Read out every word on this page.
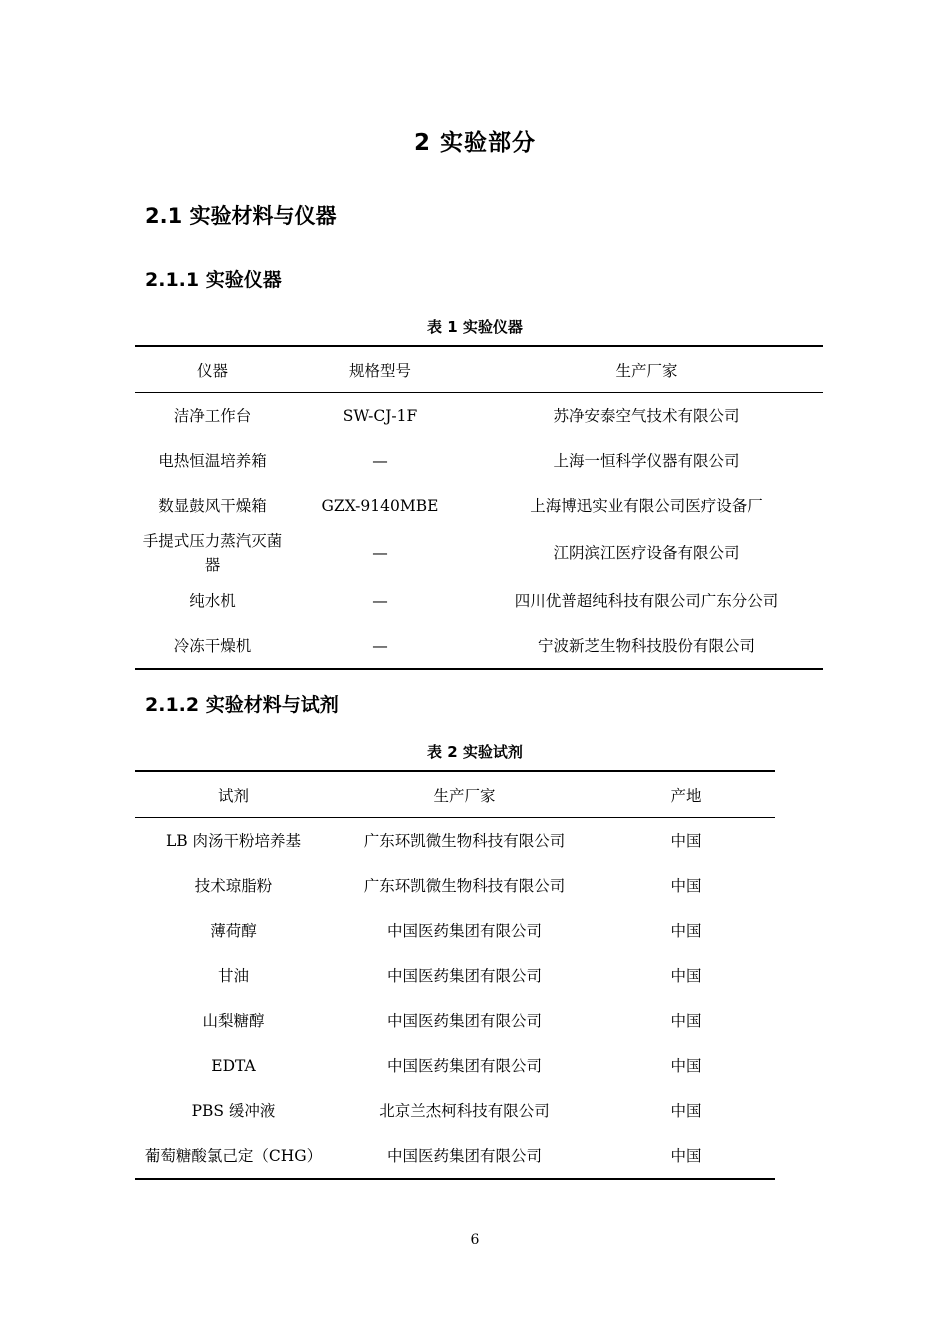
2 实验部分
2.1 实验材料与仪器
2.1.1 实验仪器
表 1 实验仪器
仪器	规格型号	生产厂家
洁净工作台	SW-CJ-1F	苏净安泰空气技术有限公司
电热恒温培养箱	—	上海一恒科学仪器有限公司
数显鼓风干燥箱	GZX-9140MBE	上海博迅实业有限公司医疗设备厂
手提式压力蒸汽灭菌器	—	江阴滨江医疗设备有限公司
纯水机	—	四川优普超纯科技有限公司广东分公司
冷冻干燥机	—	宁波新芝生物科技股份有限公司
2.1.2 实验材料与试剂
表 2 实验试剂
试剂	生产厂家	产地
LB 肉汤干粉培养基	广东环凯微生物科技有限公司	中国
技术琼脂粉	广东环凯微生物科技有限公司	中国
薄荷醇	中国医药集团有限公司	中国
甘油	中国医药集团有限公司	中国
山梨糖醇	中国医药集团有限公司	中国
EDTA	中国医药集团有限公司	中国
PBS 缓冲液	北京兰杰柯科技有限公司	中国
葡萄糖酸氯己定（CHG）	中国医药集团有限公司	中国
6
